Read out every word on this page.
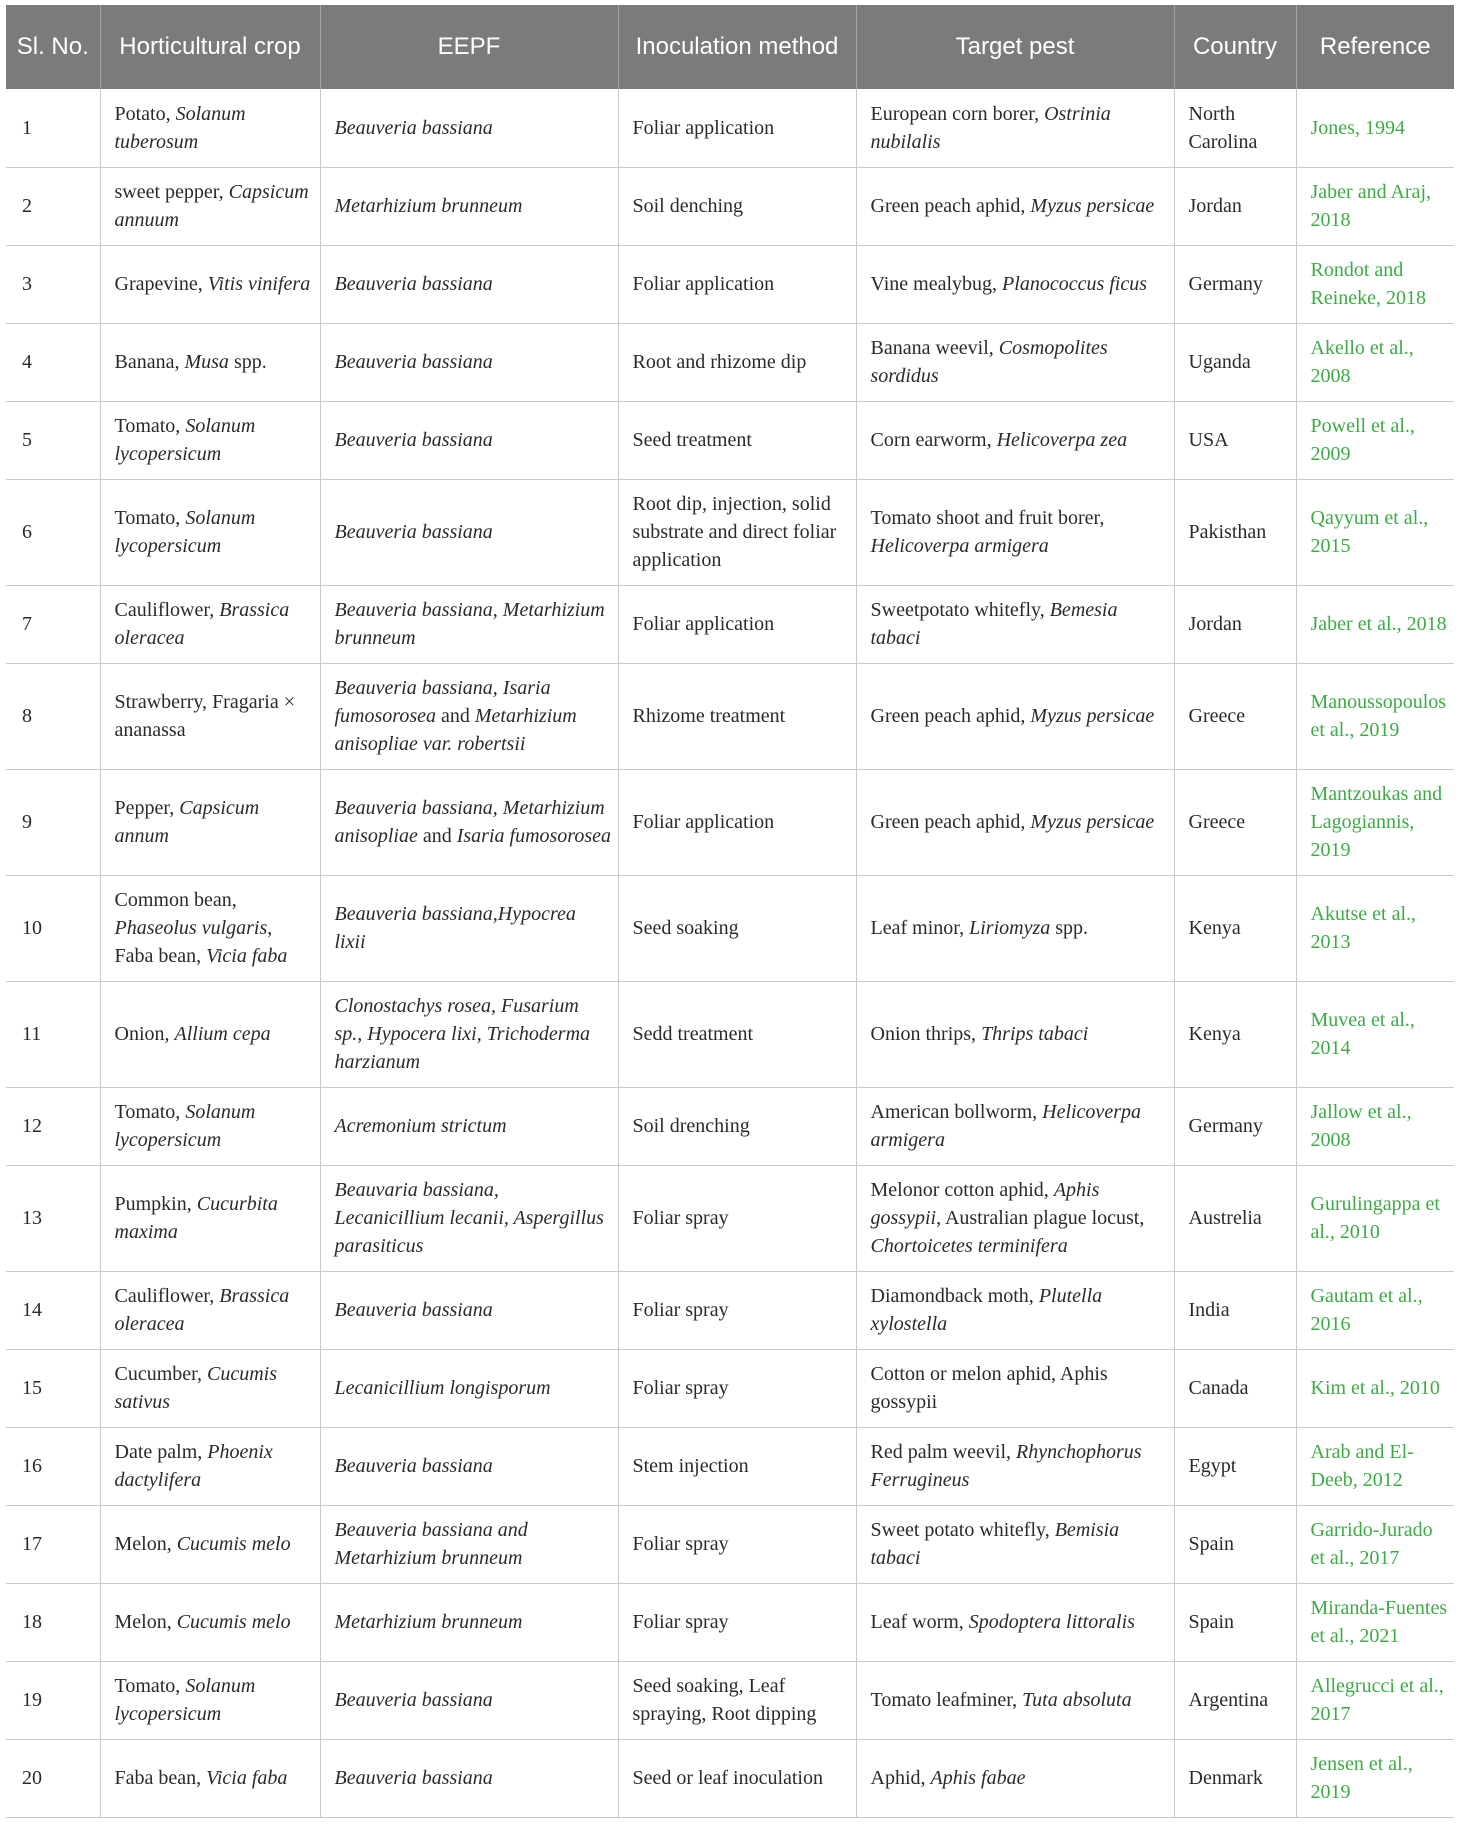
Sl. No.	Horticultural crop	EEPF	Inoculation method	Target pest	Country	Reference
1	Potato, Solanum tuberosum	Beauveria bassiana	Foliar application	European corn borer, Ostrinia nubilalis	North Carolina	Jones, 1994
2	sweet pepper, Capsicum annuum	Metarhizium brunneum	Soil denching	Green peach aphid, Myzus persicae	Jordan	Jaber and Araj, 2018
3	Grapevine, Vitis vinifera	Beauveria bassiana	Foliar application	Vine mealybug, Planococcus ficus	Germany	Rondot and Reineke, 2018
4	Banana, Musa spp.	Beauveria bassiana	Root and rhizome dip	Banana weevil, Cosmopolites sordidus	Uganda	Akello et al., 2008
5	Tomato, Solanum lycopersicum	Beauveria bassiana	Seed treatment	Corn earworm, Helicoverpa zea	USA	Powell et al., 2009
6	Tomato, Solanum lycopersicum	Beauveria bassiana	Root dip, injection, solid substrate and direct foliar application	Tomato shoot and fruit borer, Helicoverpa armigera	Pakisthan	Qayyum et al., 2015
7	Cauliflower, Brassica oleracea	Beauveria bassiana, Metarhizium brunneum	Foliar application	Sweetpotato whitefly, Bemesia tabaci	Jordan	Jaber et al., 2018
8	Strawberry, Fragaria × ananassa	Beauveria bassiana, Isaria fumosorosea and Metarhizium anisopliae var. robertsii	Rhizome treatment	Green peach aphid, Myzus persicae	Greece	Manoussopoulos et al., 2019
9	Pepper, Capsicum annum	Beauveria bassiana, Metarhizium anisopliae and Isaria fumosorosea	Foliar application	Green peach aphid, Myzus persicae	Greece	Mantzoukas and Lagogiannis, 2019
10	Common bean, Phaseolus vulgaris, Faba bean, Vicia faba	Beauveria bassiana,Hypocrea lixii	Seed soaking	Leaf minor, Liriomyza spp.	Kenya	Akutse et al., 2013
11	Onion, Allium cepa	Clonostachys rosea, Fusarium sp., Hypocera lixi, Trichoderma harzianum	Sedd treatment	Onion thrips, Thrips tabaci	Kenya	Muvea et al., 2014
12	Tomato, Solanum lycopersicum	Acremonium strictum	Soil drenching	American bollworm, Helicoverpa armigera	Germany	Jallow et al., 2008
13	Pumpkin, Cucurbita maxima	Beauvaria bassiana, Lecanicillium lecanii, Aspergillus parasiticus	Foliar spray	Melonor cotton aphid, Aphis gossypii, Australian plague locust, Chortoicetes terminifera	Austrelia	Gurulingappa et al., 2010
14	Cauliflower, Brassica oleracea	Beauveria bassiana	Foliar spray	Diamondback moth, Plutella xylostella	India	Gautam et al., 2016
15	Cucumber, Cucumis sativus	Lecanicillium longisporum	Foliar spray	Cotton or melon aphid, Aphis gossypii	Canada	Kim et al., 2010
16	Date palm, Phoenix dactylifera	Beauveria bassiana	Stem injection	Red palm weevil, Rhynchophorus Ferrugineus	Egypt	Arab and El-Deeb, 2012
17	Melon, Cucumis melo	Beauveria bassiana and Metarhizium brunneum	Foliar spray	Sweet potato whitefly, Bemisia tabaci	Spain	Garrido-Jurado et al., 2017
18	Melon, Cucumis melo	Metarhizium brunneum	Foliar spray	Leaf worm, Spodoptera littoralis	Spain	Miranda-Fuentes et al., 2021
19	Tomato, Solanum lycopersicum	Beauveria bassiana	Seed soaking, Leaf spraying, Root dipping	Tomato leafminer, Tuta absoluta	Argentina	Allegrucci et al., 2017
20	Faba bean, Vicia faba	Beauveria bassiana	Seed or leaf inoculation	Aphid, Aphis fabae	Denmark	Jensen et al., 2019
